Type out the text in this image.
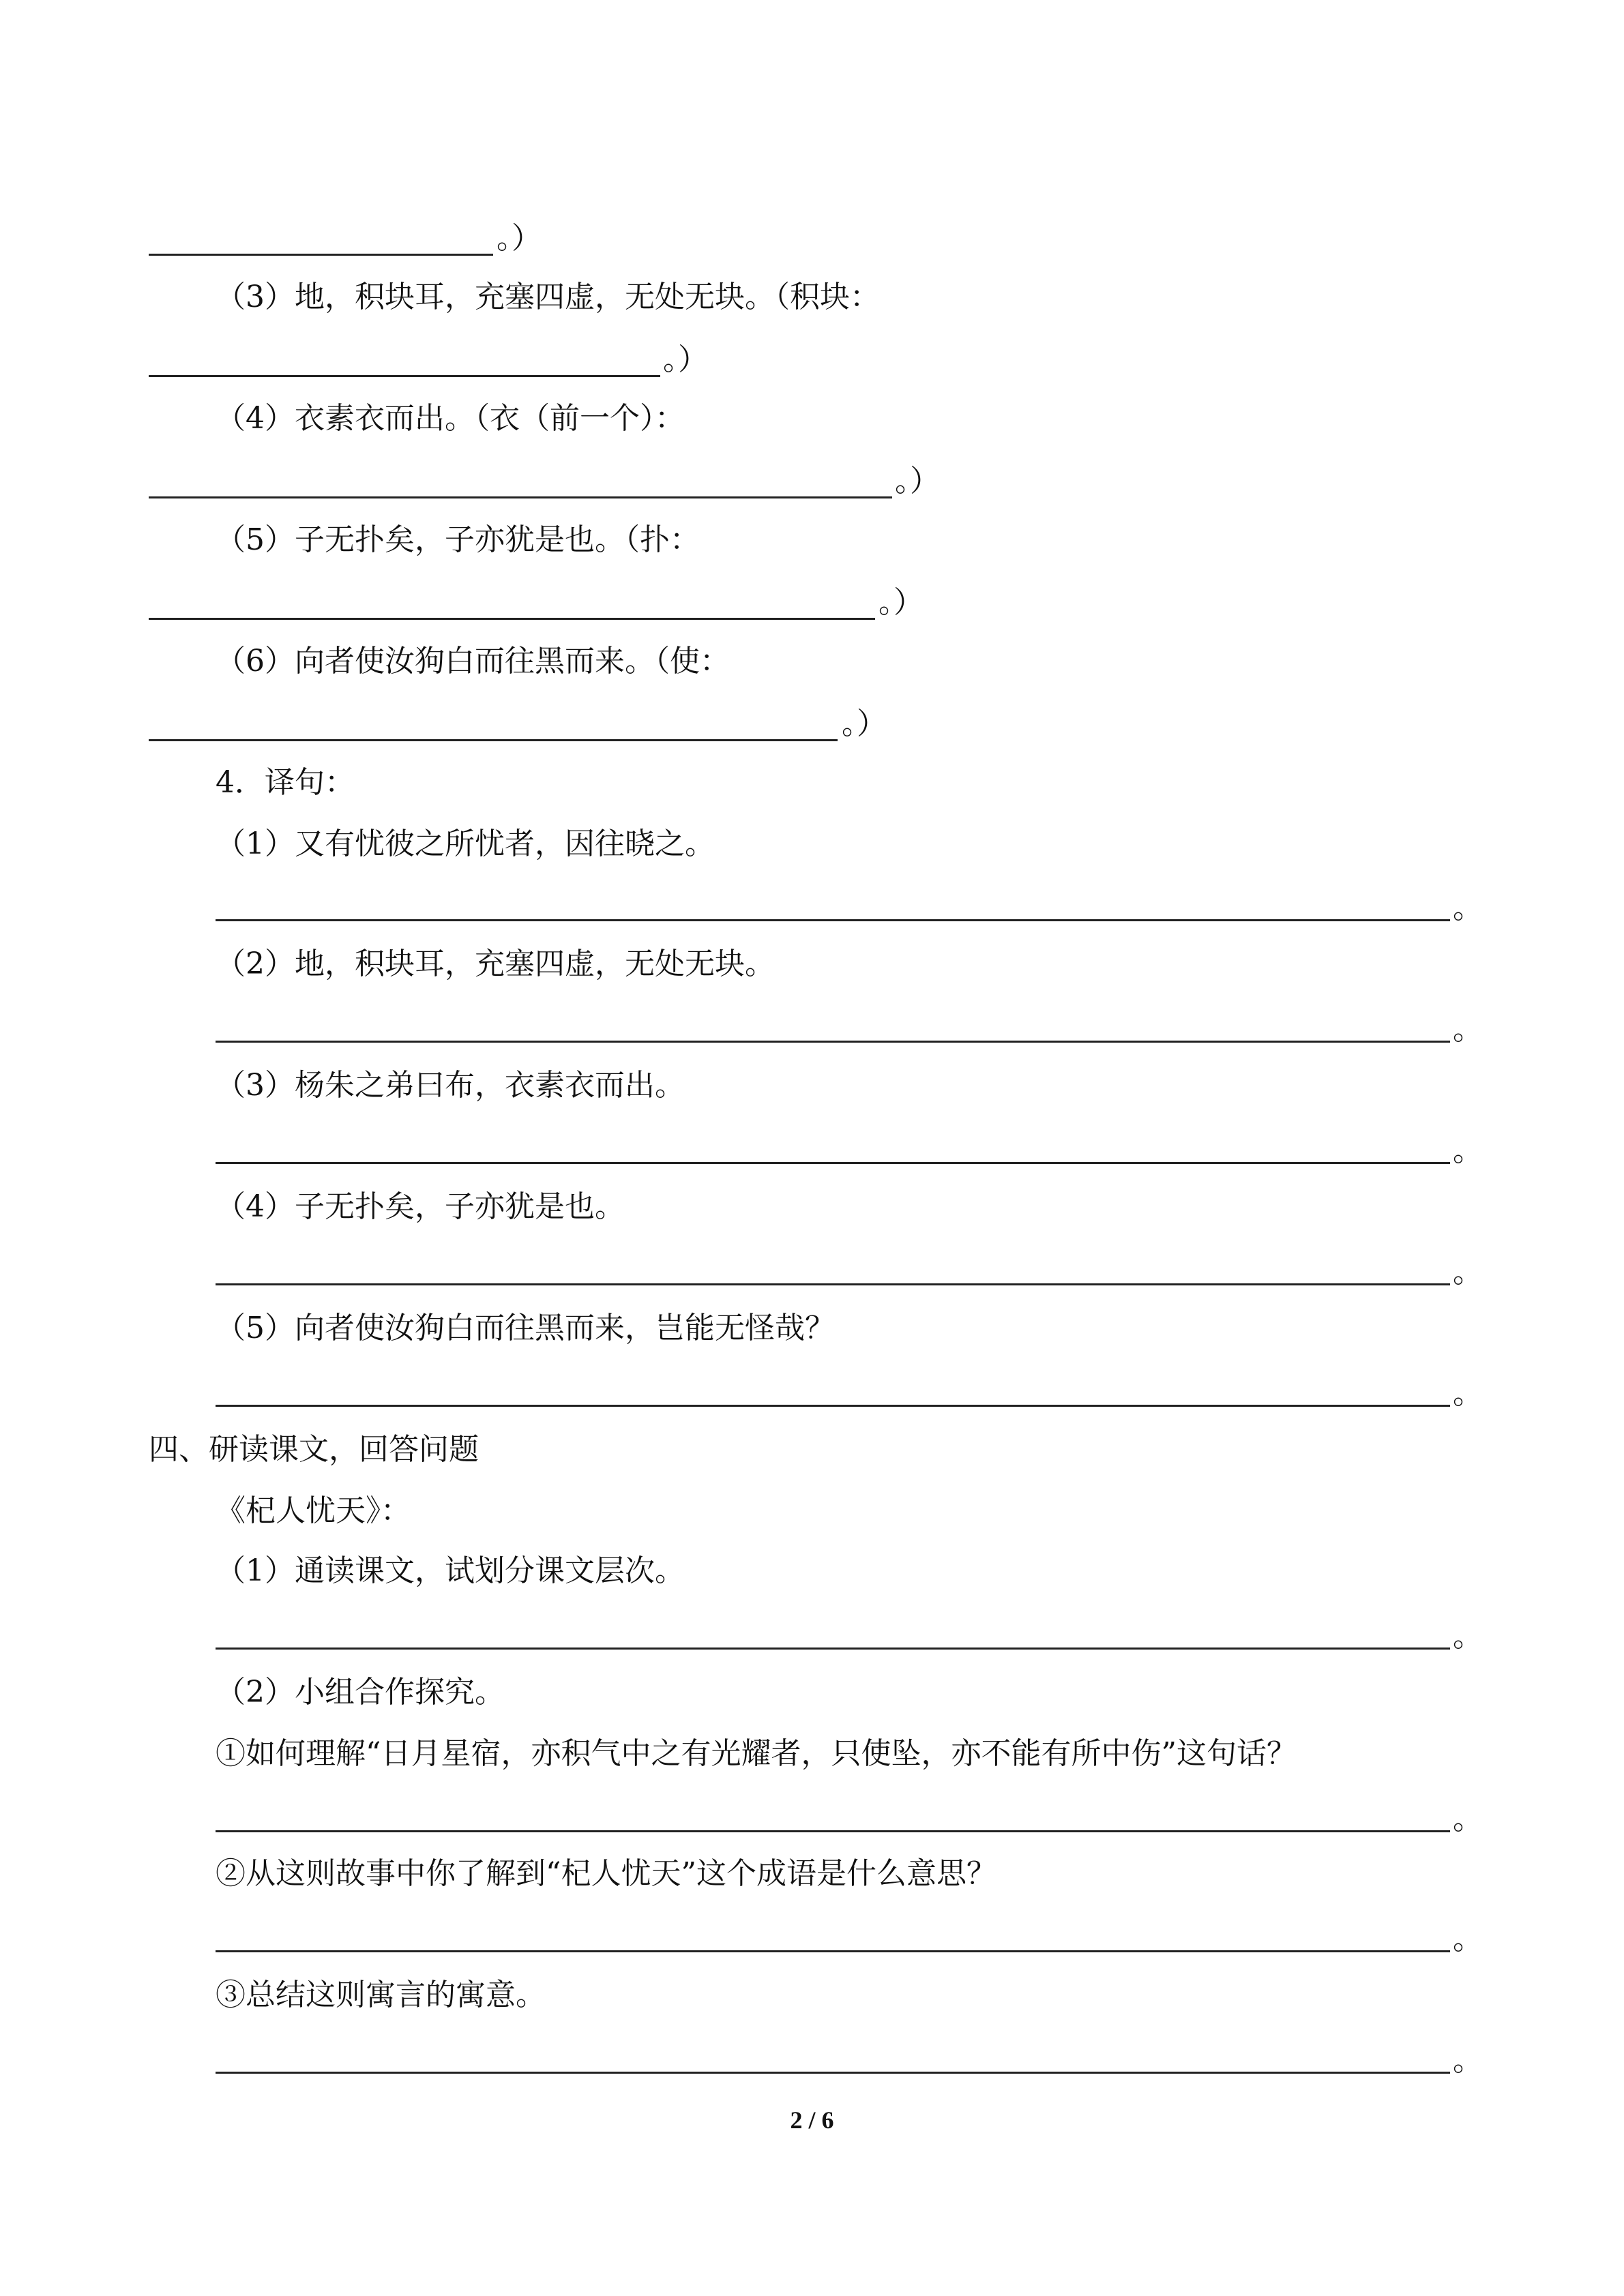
。）
（3）地，积块耳，充塞四虚，无处无块。（积块：
。）
（4）衣素衣而出。（衣（前一个）：
。）
（5）子无扑矣，子亦犹是也。（扑：
。）
（6）向者使汝狗白而往黑而来。（使：
。）
4．译句：
（1）又有忧彼之所忧者，因往晓之。
。
（2）地，积块耳，充塞四虚，无处无块。
。
（3）杨朱之弟曰布，衣素衣而出。
。
（4）子无扑矣，子亦犹是也。
。
（5）向者使汝狗白而往黑而来，岂能无怪哉？
。
四、研读课文，回答问题
《杞人忧天》：
（1）通读课文，试划分课文层次。
。
（2）小组合作探究。
①如何理解“日月星宿，亦积气中之有光耀者，只使坠，亦不能有所中伤”这句话？
。
②从这则故事中你了解到“杞人忧天”这个成语是什么意思？
。
③总结这则寓言的寓意。
。
2 / 6
